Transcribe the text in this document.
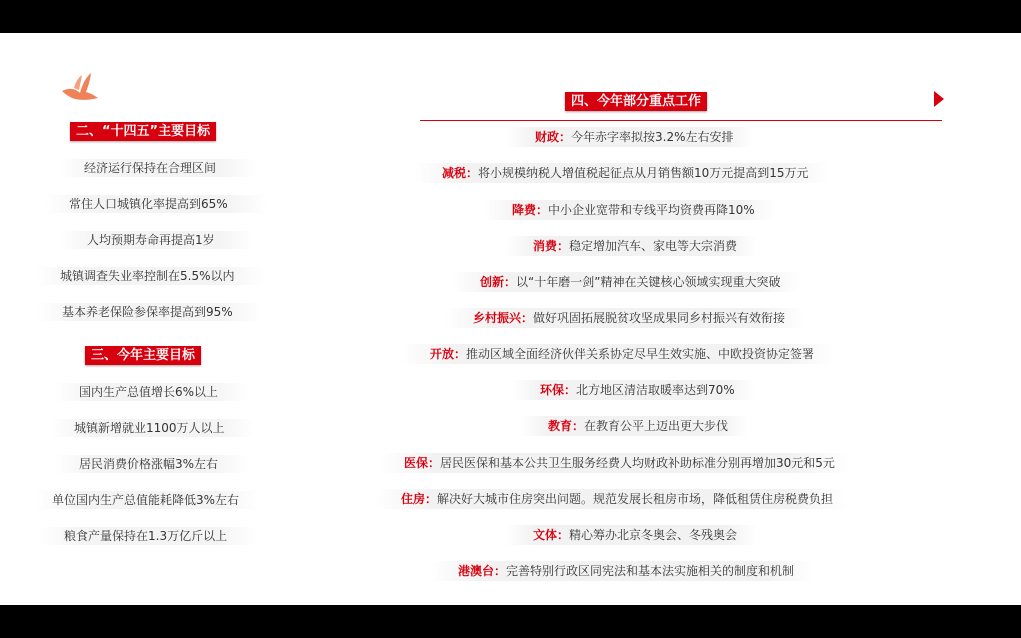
二、“十四五”主要目标
经济运行保持在合理区间
常住人口城镇化率提高到65%
人均预期寿命再提高1岁
城镇调查失业率控制在5.5%以内
基本养老保险参保率提高到95%
三、今年主要目标
国内生产总值增长6%以上
城镇新增就业1100万人以上
居民消费价格涨幅3%左右
单位国内生产总值能耗降低3%左右
粮食产量保持在1.3万亿斤以上
四、今年部分重点工作
财政：今年赤字率拟按3.2%左右安排
减税：将小规模纳税人增值税起征点从月销售额10万元提高到15万元
降费：中小企业宽带和专线平均资费再降10%
消费：稳定增加汽车、家电等大宗消费
创新：以“十年磨一剑”精神在关键核心领域实现重大突破
乡村振兴：做好巩固拓展脱贫攻坚成果同乡村振兴有效衔接
开放：推动区域全面经济伙伴关系协定尽早生效实施、中欧投资协定签署
环保：北方地区清洁取暖率达到70%
教育：在教育公平上迈出更大步伐
医保：居民医保和基本公共卫生服务经费人均财政补助标准分别再增加30元和5元
住房：解决好大城市住房突出问题。规范发展长租房市场，降低租赁住房税费负担
文体：精心筹办北京冬奥会、冬残奥会
港澳台：完善特别行政区同宪法和基本法实施相关的制度和机制
